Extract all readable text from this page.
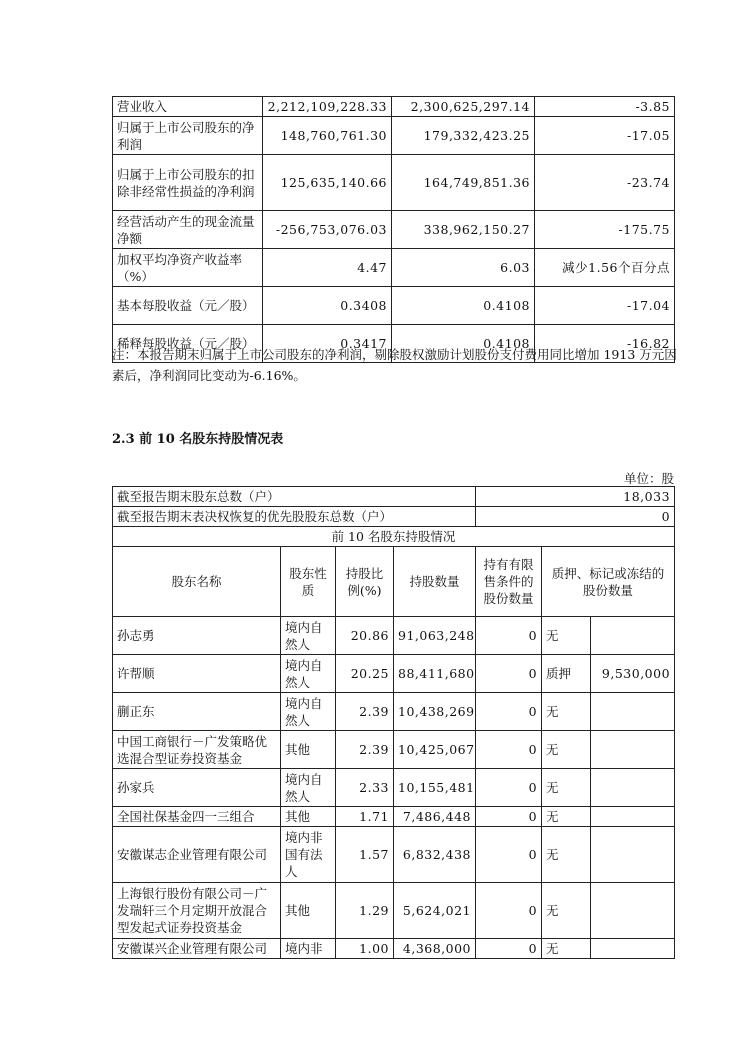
营业收入	2,212,109,228.33	2,300,625,297.14	-3.85
归属于上市公司股东的净利润	148,760,761.30	179,332,423.25	-17.05
归属于上市公司股东的扣除非经常性损益的净利润	125,635,140.66	164,749,851.36	-23.74
经营活动产生的现金流量净额	-256,753,076.03	338,962,150.27	-175.75
加权平均净资产收益率（%）	4.47	6.03	减少1.56个百分点
基本每股收益（元／股）	0.3408	0.4108	-17.04
稀释每股收益（元／股）	0.3417	0.4108	-16.82
注：本报告期末归属于上市公司股东的净利润，剔除股权激励计划股份支付费用同比增加 1913 万元因素后，净利润同比变动为-6.16%。
2.3 前 10 名股东持股情况表
单位：股
截至报告期末股东总数（户）				18,033		
截至报告期末表决权恢复的优先股股东总数（户）				0		
前 10 名股东持股情况						
股东名称	股东性质	持股比例(%)	持股数量	持有有限售条件的股份数量	质押、标记或冻结的股份数量	
孙志勇	境内自然人	20.86	91,063,248	0	无	
许帮顺	境内自然人	20.25	88,411,680	0	质押	9,530,000
蒯正东	境内自然人	2.39	10,438,269	0	无	
中国工商银行－广发策略优选混合型证券投资基金	其他	2.39	10,425,067	0	无	
孙家兵	境内自然人	2.33	10,155,481	0	无	
全国社保基金四一三组合	其他	1.71	7,486,448	0	无	
安徽谋志企业管理有限公司	境内非国有法人	1.57	6,832,438	0	无	
上海银行股份有限公司－广发瑞轩三个月定期开放混合型发起式证券投资基金	其他	1.29	5,624,021	0	无	
安徽谋兴企业管理有限公司	境内非	1.00	4,368,000	0	无	
